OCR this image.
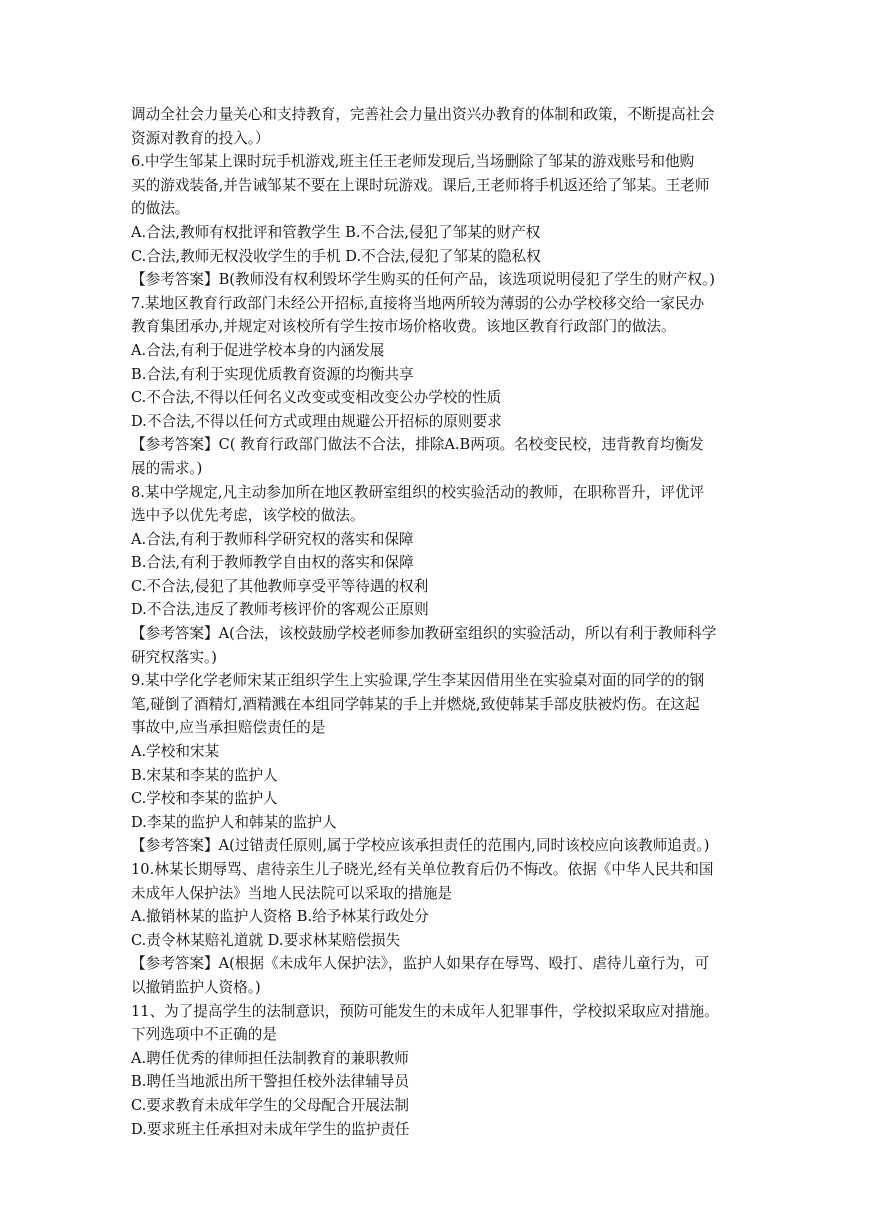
调动全社会力量关心和支持教育，完善社会力量出资兴办教育的体制和政策，不断提高社会
资源对教育的投入。）
6.中学生邹某上课时玩手机游戏,班主任王老师发现后,当场删除了邹某的游戏账号和他购
买的游戏装备,并告诫邹某不要在上课时玩游戏。课后,王老师将手机返还给了邹某。王老师
的做法。
A.合法,教师有权批评和管教学生 B.不合法,侵犯了邹某的财产权
C.合法,教师无权没收学生的手机 D.不合法,侵犯了邹某的隐私权
【参考答案】B(教师没有权利毁坏学生购买的任何产品，该选项说明侵犯了学生的财产权。)
7.某地区教育行政部门未经公开招标,直接将当地两所较为薄弱的公办学校移交给一家民办
教育集团承办,并规定对该校所有学生按市场价格收费。该地区教育行政部门的做法。
A.合法,有利于促进学校本身的内涵发展
B.合法,有利于实现优质教育资源的均衡共享
C.不合法,不得以任何名义改变或变相改变公办学校的性质
D.不合法,不得以任何方式或理由规避公开招标的原则要求
【参考答案】C( 教育行政部门做法不合法，排除A.B两项。名校变民校，违背教育均衡发
展的需求。)
8.某中学规定,凡主动参加所在地区教研室组织的校实验活动的教师，在职称晋升，评优评
选中予以优先考虑，该学校的做法。
A.合法,有利于教师科学研究权的落实和保障
B.合法,有利于教师教学自由权的落实和保障
C.不合法,侵犯了其他教师享受平等待遇的权利
D.不合法,违反了教师考核评价的客观公正原则
【参考答案】A(合法，该校鼓励学校老师参加教研室组织的实验活动，所以有利于教师科学
研究权落实。)
9.某中学化学老师宋某正组织学生上实验课,学生李某因借用坐在实验桌对面的同学的的钢
笔,碰倒了酒精灯,酒精溅在本组同学韩某的手上并燃烧,致使韩某手部皮肤被灼伤。在这起
事故中,应当承担赔偿责任的是
A.学校和宋某
B.宋某和李某的监护人
C.学校和李某的监护人
D.李某的监护人和韩某的监护人
【参考答案】A(过错责任原则,属于学校应该承担责任的范围内,同时该校应向该教师追责。)
10.林某长期辱骂、虐待亲生儿子晓光,经有关单位教育后仍不悔改。依据《中华人民共和国
未成年人保护法》当地人民法院可以采取的措施是
A.撤销林某的监护人资格 B.给予林某行政处分
C.责令林某赔礼道就 D.要求林某赔偿损失
【参考答案】A(根据《未成年人保护法》，监护人如果存在辱骂、殴打、虐待儿童行为，可
以撤销监护人资格。)
11、为了提高学生的法制意识，预防可能发生的未成年人犯罪事件，学校拟采取应对措施。
下列选项中不正确的是
A.聘任优秀的律师担任法制教育的兼职教师
B.聘任当地派出所干警担任校外法律辅导员
C.要求教育未成年学生的父母配合开展法制
D.要求班主任承担对未成年学生的监护责任
